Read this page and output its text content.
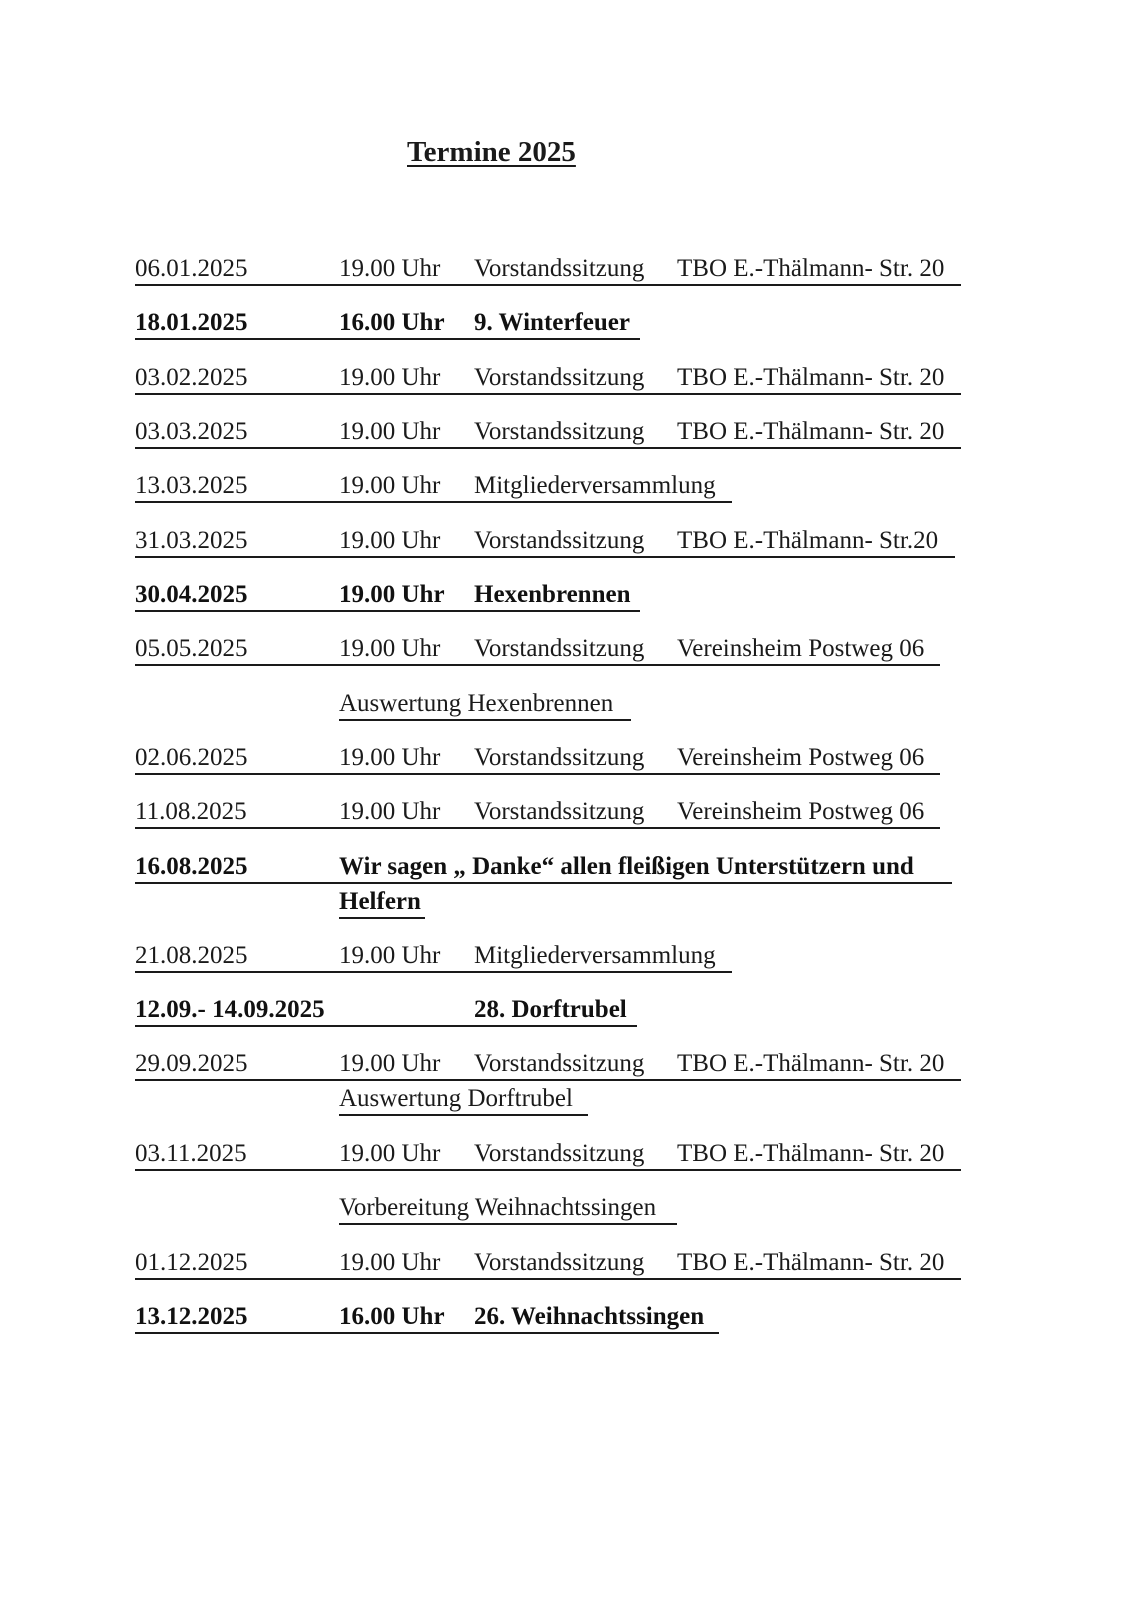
Termine 2025
06.01.2025	19.00 Uhr Vorstandssitzung TBO E.-Thälmann- Str. 20
18.01.2025	16.00 Uhr 9. Winterfeuer
03.02.2025	19.00 Uhr Vorstandssitzung TBO E.-Thälmann- Str. 20
03.03.2025	19.00 Uhr Vorstandssitzung TBO E.-Thälmann- Str. 20
13.03.2025	19.00 Uhr Mitgliederversammlung
31.03.2025	19.00 Uhr Vorstandssitzung TBO E.-Thälmann- Str.20
30.04.2025	19.00 Uhr Hexenbrennen
05.05.2025	19.00 Uhr Vorstandssitzung Vereinsheim Postweg 06
Auswertung Hexenbrennen
02.06.2025	19.00 Uhr Vorstandssitzung Vereinsheim Postweg 06
11.08.2025	19.00 Uhr Vorstandssitzung Vereinsheim Postweg 06
16.08.2025	Wir sagen „ Danke“ allen fleißigen Unterstützern und
Helfern
21.08.2025	19.00 Uhr Mitgliederversammlung
12.09.- 14.09.2025	28. Dorftrubel
29.09.2025	19.00 Uhr Vorstandssitzung TBO E.-Thälmann- Str. 20
Auswertung Dorftrubel
03.11.2025	19.00 Uhr Vorstandssitzung TBO E.-Thälmann- Str. 20
Vorbereitung Weihnachtssingen
01.12.2025	19.00 Uhr Vorstandssitzung TBO E.-Thälmann- Str. 20
13.12.2025	16.00 Uhr 26. Weihnachtssingen
